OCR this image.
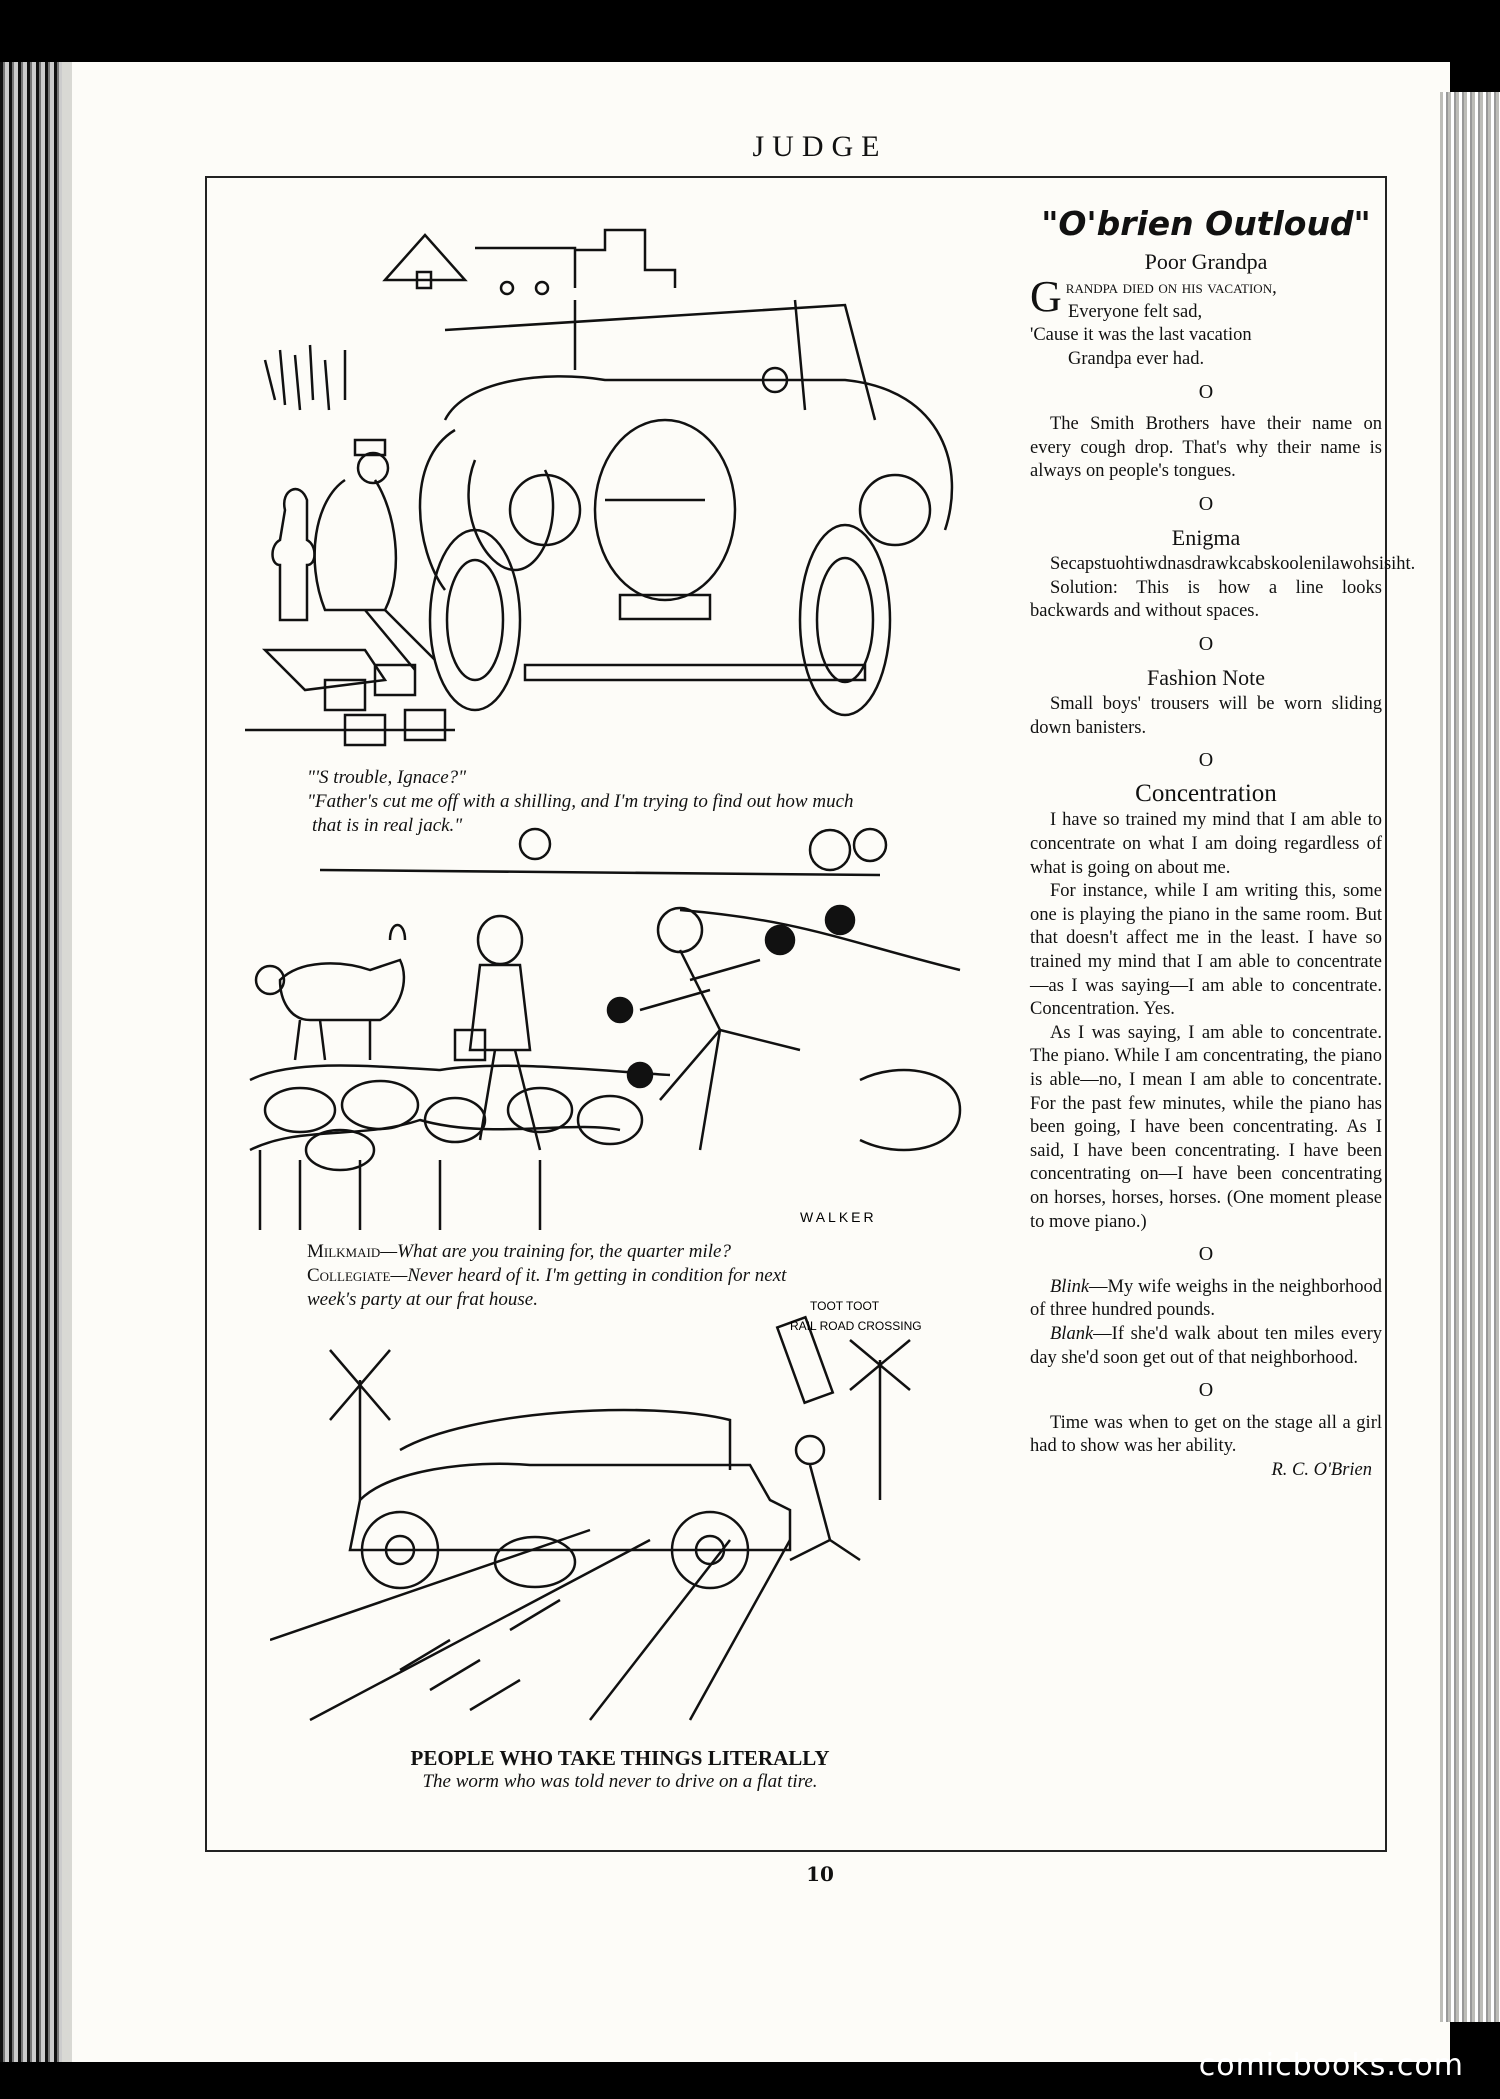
JUDGE
"'S trouble, Ignace?"
"Father's cut me off with a shilling, and I'm trying to find out how much
that is in real jack."
WALKER
Milkmaid—What are you training for, the quarter mile?
Collegiate—Never heard of it. I'm getting in condition for next
week's party at our frat house.
RAIL ROAD CROSSING
TOOT TOOT
PEOPLE WHO TAKE THINGS LITERALLY
The worm who was told never to drive on a flat tire.
"O'brien Outloud"
Poor Grandpa
G randpa died on his vacation,
Everyone felt sad,
'Cause it was the last vacation
Grandpa ever had.
O

The Smith Brothers have their name on every cough drop. That's why their name is always on people's tongues.

O
Enigma

Secapstuohtiwdnasdrawkcabskoolenilawohsisiht.

Solution: This is how a line looks backwards and without spaces.

O
Fashion Note

Small boys' trousers will be worn sliding down banisters.

O
Concentration

I have so trained my mind that I am able to concentrate on what I am doing regardless of what is going on about me.

For instance, while I am writing this, some one is playing the piano in the same room. But that doesn't affect me in the least. I have so trained my mind that I am able to concentrate—as I was saying—I am able to concentrate. Concentration. Yes.

As I was saying, I am able to concentrate. The piano. While I am concentrating, the piano is able—no, I mean I am able to concentrate. For the past few minutes, while the piano has been going, I have been concentrating. As I said, I have been concentrating. I have been concentrating on—I have been concentrating on horses, horses, horses. (One moment please to move piano.)

O

Blink—My wife weighs in the neighborhood of three hundred pounds.

Blank—If she'd walk about ten miles every day she'd soon get out of that neighborhood.

O

Time was when to get on the stage all a girl had to show was her ability.

R. C. O'Brien
10
comicbooks.com
